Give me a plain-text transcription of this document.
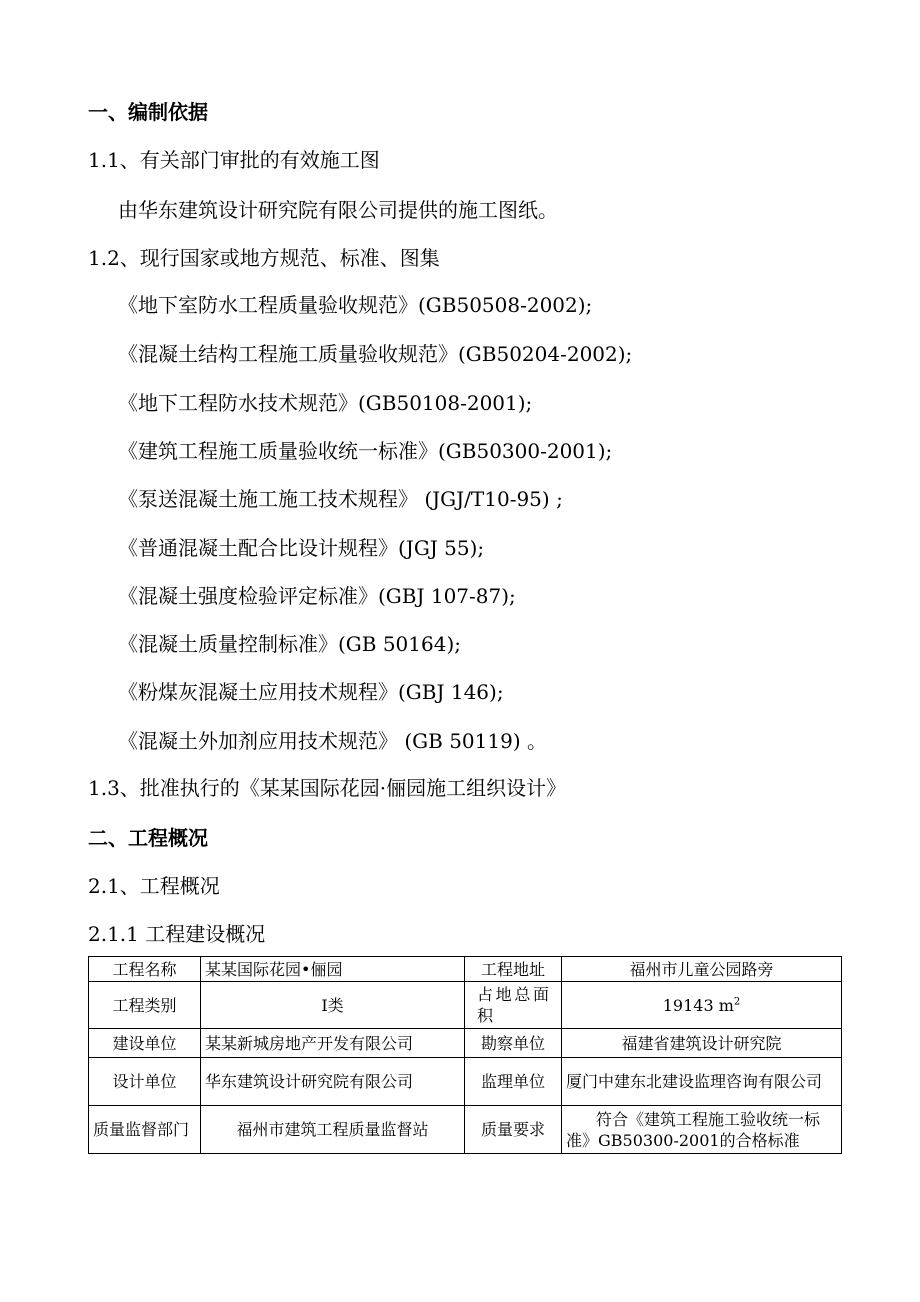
一、编制依据
1.1、有关部门审批的有效施工图
由华东建筑设计研究院有限公司提供的施工图纸。
1.2、现行国家或地方规范、标准、图集
《地下室防水工程质量验收规范》(GB50508-2002);
《混凝土结构工程施工质量验收规范》(GB50204-2002);
《地下工程防水技术规范》(GB50108-2001);
《建筑工程施工质量验收统一标准》(GB50300-2001);
《泵送混凝土施工施工技术规程》 (JGJ/T10-95) ;
《普通混凝土配合比设计规程》(JGJ 55);
《混凝土强度检验评定标准》(GBJ 107-87);
《混凝土质量控制标准》(GB 50164);
《粉煤灰混凝土应用技术规程》(GBJ 146);
《混凝土外加剂应用技术规范》 (GB 50119) 。
1.3、批准执行的《某某国际花园·俪园施工组织设计》
二、工程概况
2.1、工程概况
2.1.1 工程建设概况
工程名称	某某国际花园•俪园	工程地址	福州市儿童公园路旁
工程类别	Ⅰ类	占地总面积	19143 $m^2$
建设单位	某某新城房地产开发有限公司	勘察单位	福建省建筑设计研究院
设计单位	华东建筑设计研究院有限公司	监理单位	厦门中建东北建设监理咨询有限公司
质量监督部门	福州市建筑工程质量监督站	质量要求	符合《建筑工程施工验收统一标准》GB50300-2001的合格标准
